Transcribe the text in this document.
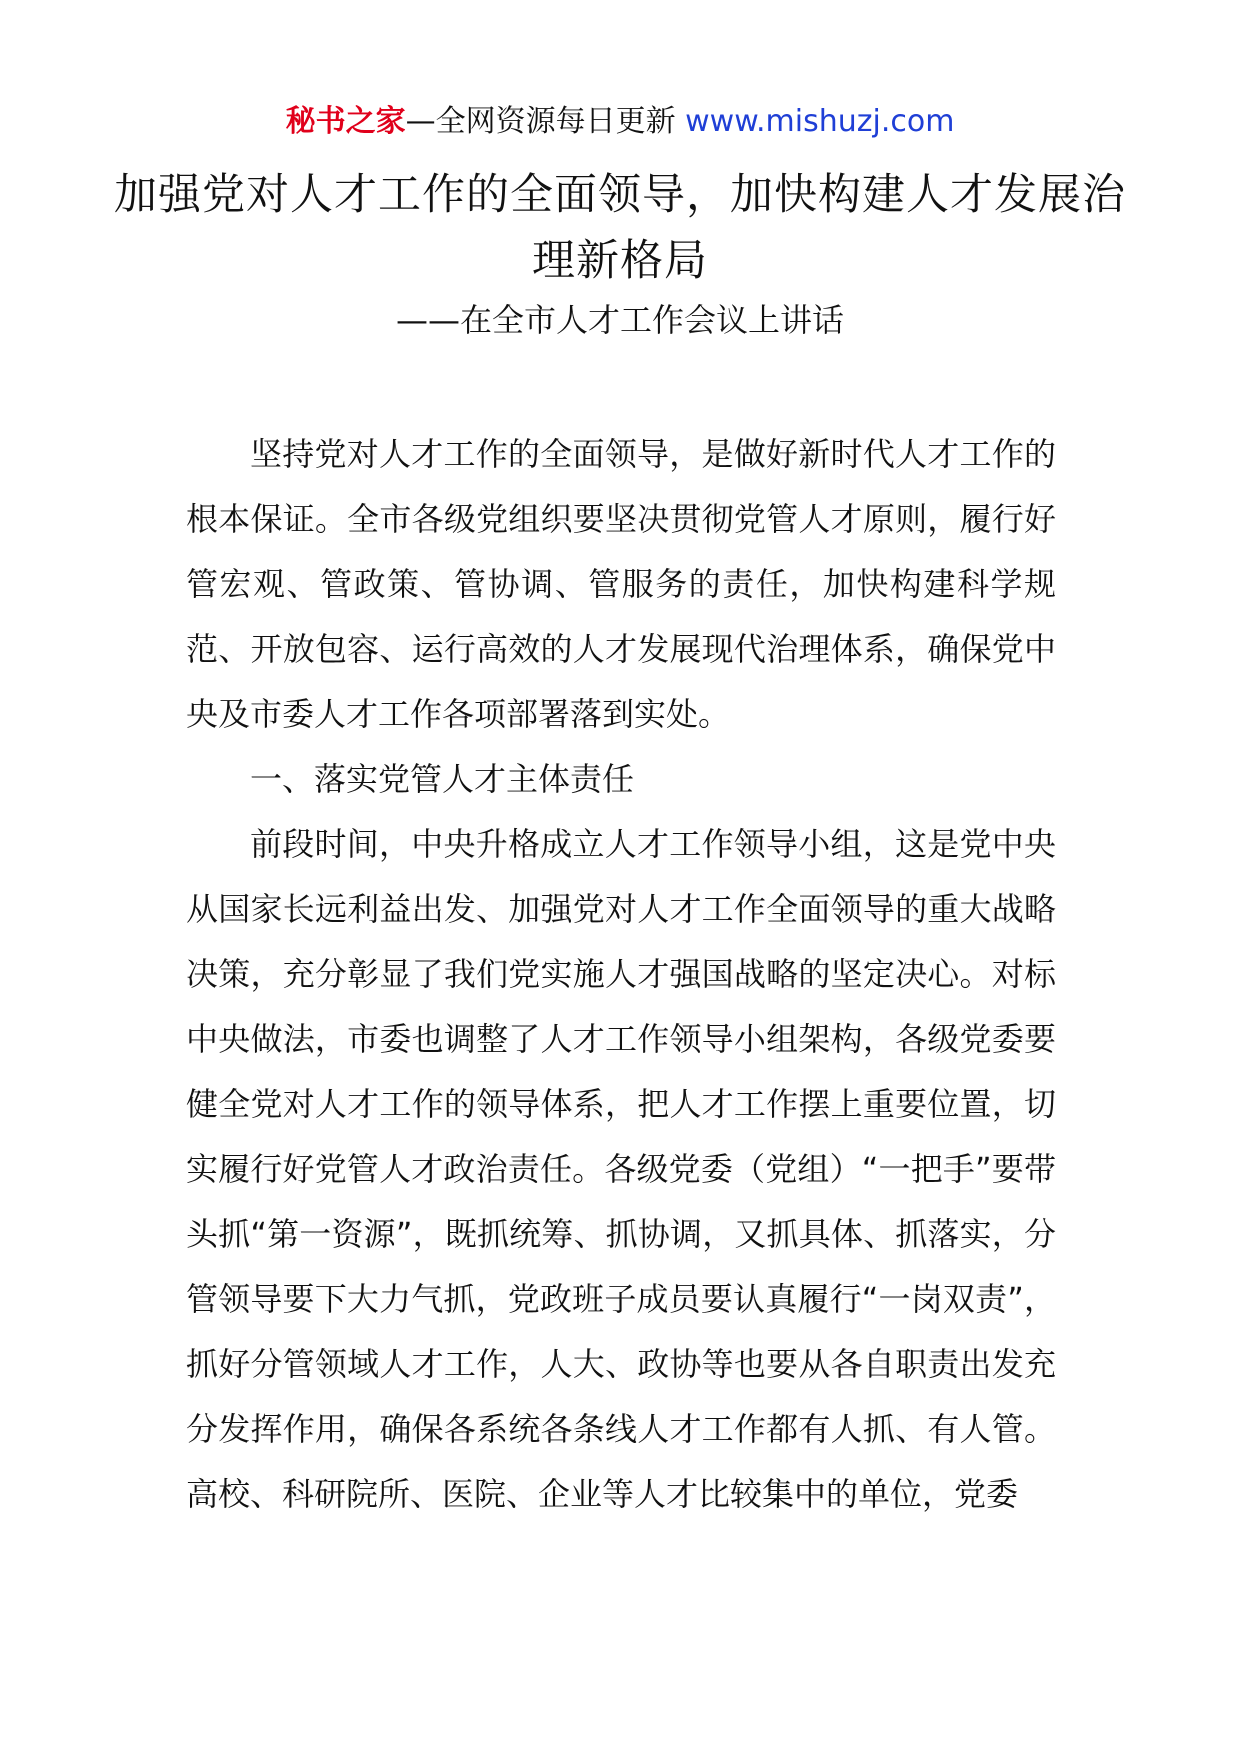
秘书之家—全网资源每日更新 www.mishuzj.com
加强党对人才工作的全面领导，加快构建人才发展治理新格局
——在全市人才工作会议上讲话

坚持党对人才工作的全面领导，是做好新时代人才工作的根本保证。全市各级党组织要坚决贯彻党管人才原则，履行好管宏观、管政策、管协调、管服务的责任，加快构建科学规范、开放包容、运行高效的人才发展现代治理体系，确保党中央及市委人才工作各项部署落到实处。

一、落实党管人才主体责任

前段时间，中央升格成立人才工作领导小组，这是党中央从国家长远利益出发、加强党对人才工作全面领导的重大战略决策，充分彰显了我们党实施人才强国战略的坚定决心。对标中央做法，市委也调整了人才工作领导小组架构，各级党委要健全党对人才工作的领导体系，把人才工作摆上重要位置，切实履行好党管人才政治责任。各级党委（党组）“一把手”要带头抓“第一资源”，既抓统筹、抓协调，又抓具体、抓落实，分管领导要下大力气抓，党政班子成员要认真履行“一岗双责”，抓好分管领域人才工作，人大、政协等也要从各自职责出发充分发挥作用，确保各系统各条线人才工作都有人抓、有人管。高校、科研院所、医院、企业等人才比较集中的单位，党委
